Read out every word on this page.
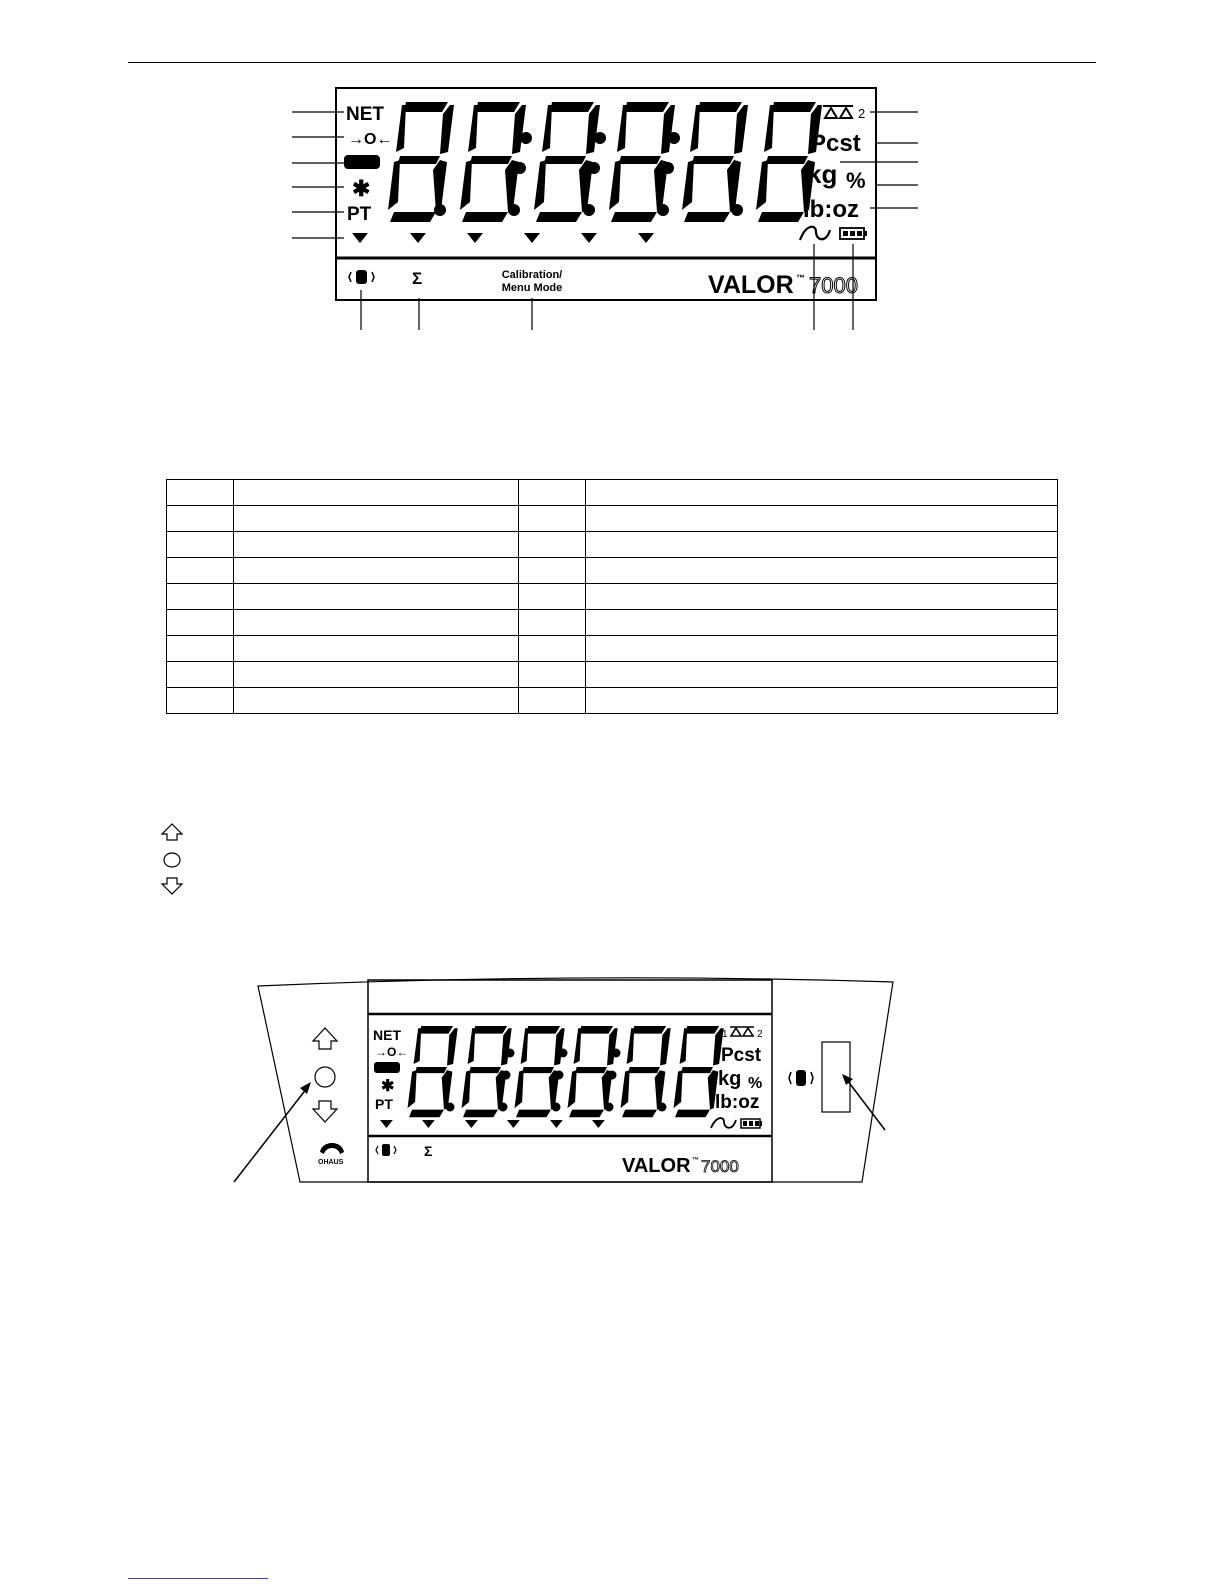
NET
→O←
✱
PT
1	2
Pcst
kg %
lb:oz
Σ	Calibration/
Menu Mode	VALOR ™ 7000

OHAUS
NET
→O←
✱
PT
1	2
Pcst
kg %
lb:oz
Σ
VALOR ™ 7000
